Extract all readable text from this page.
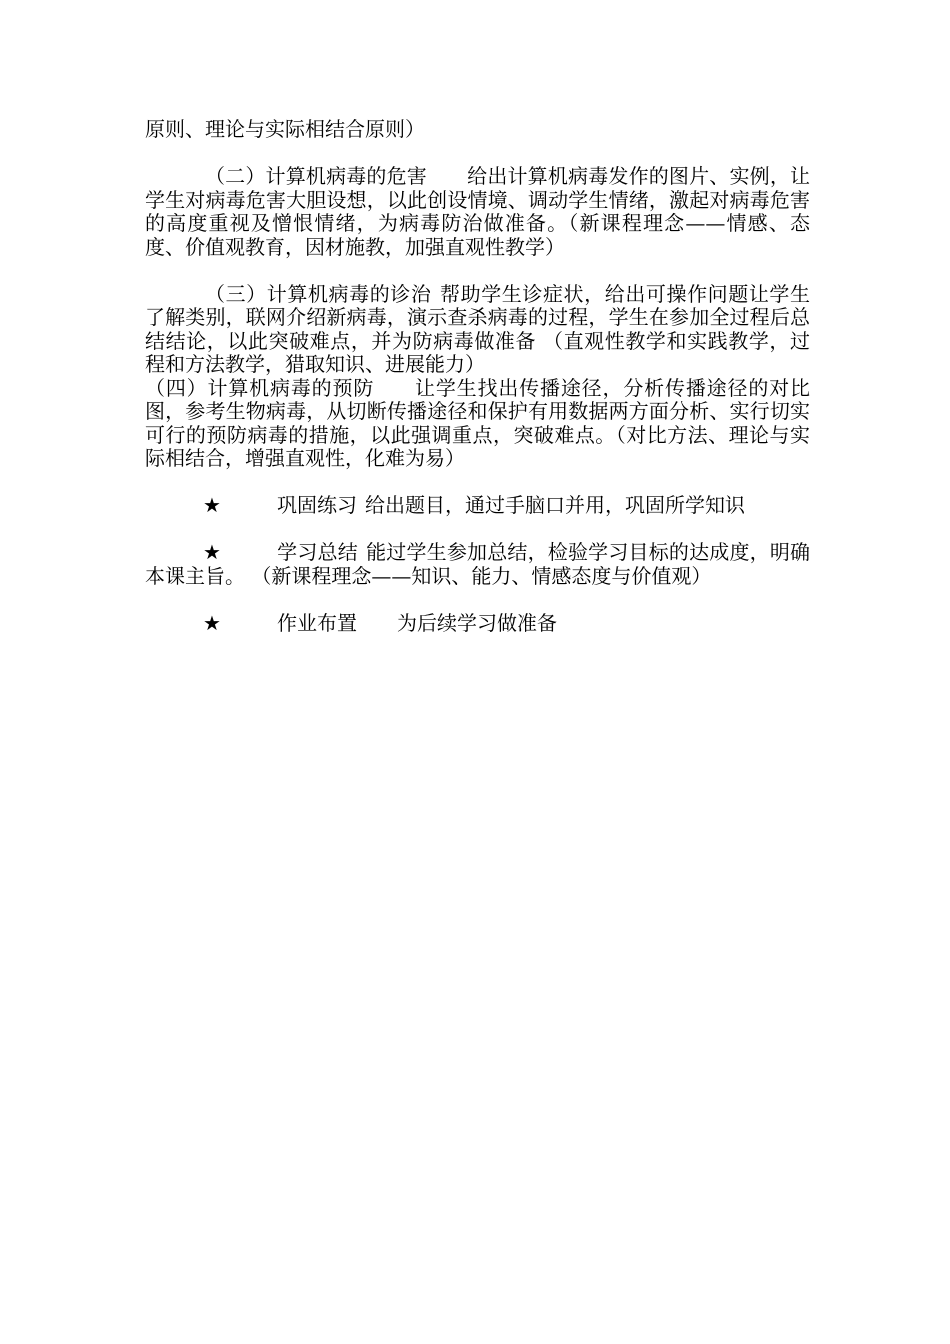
原则、理论与实际相结合原则）

（二）计算机病毒的危害 给出计算机病毒发作的图片、实例，让学生对病毒危害大胆设想，以此创设情境、调动学生情绪，激起对病毒危害的高度重视及憎恨情绪，为病毒防治做准备。（新课程理念——情感、态度、价值观教育，因材施教，加强直观性教学）

（三）计算机病毒的诊治 帮助学生诊症状，给出可操作问题让学生了解类别，联网介绍新病毒，演示查杀病毒的过程，学生在参加全过程后总结结论，以此突破难点，并为防病毒做准备 （直观性教学和实践教学，过程和方法教学，猎取知识、进展能力）

（四）计算机病毒的预防 让学生找出传播途径，分析传播途径的对比图，参考生物病毒，从切断传播途径和保护有用数据两方面分析、实行切实可行的预防病毒的措施，以此强调重点，突破难点。（对比方法、理论与实际相结合，增强直观性，化难为易）

★	巩固练习 给出题目，通过手脑口并用，巩固所学知识

★	学习总结 能过学生参加总结，检验学习目标的达成度，明确本课主旨。 （新课程理念——知识、能力、情感态度与价值观）

★	作业布置 为后续学习做准备
